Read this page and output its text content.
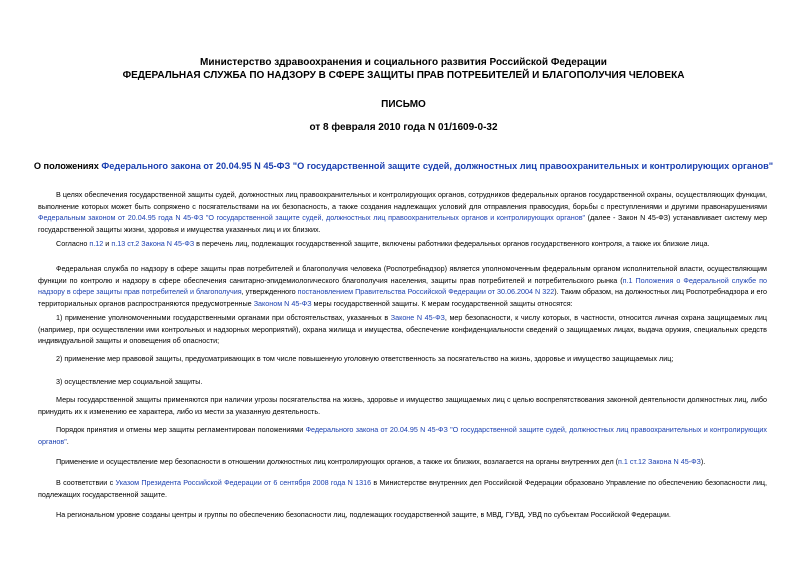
Министерство здравоохранения и социального развития Российской Федерации
ФЕДЕРАЛЬНАЯ СЛУЖБА ПО НАДЗОРУ В СФЕРЕ ЗАЩИТЫ ПРАВ ПОТРЕБИТЕЛЕЙ И БЛАГОПОЛУЧИЯ ЧЕЛОВЕКА
ПИСЬМО
от 8 февраля 2010 года N 01/1609-0-32
О положениях Федерального закона от 20.04.95 N 45-ФЗ "О государственной защите судей, должностных лиц правоохранительных и контролирующих органов"

В целях обеспечения государственной защиты судей, должностных лиц правоохранительных и контролирующих органов, сотрудников федеральных органов государственной охраны, осуществляющих функции, выполнение которых может быть сопряжено с посягательствами на их безопасность, а также создания надлежащих условий для отправления правосудия, борьбы с преступлениями и другими правонарушениями Федеральным законом от 20.04.95 года N 45-ФЗ "О государственной защите судей, должностных лиц правоохранительных органов и контролирующих органов" (далее - Закон N 45-ФЗ) устанавливает систему мер государственной защиты жизни, здоровья и имущества указанных лиц и их близких.

Согласно п.12 и п.13 ст.2 Закона N 45-ФЗ в перечень лиц, подлежащих государственной защите, включены работники федеральных органов государственного контроля, а также их близкие лица.

Федеральная служба по надзору в сфере защиты прав потребителей и благополучия человека (Роспотребнадзор) является уполномоченным федеральным органом исполнительной власти, осуществляющим функции по контролю и надзору в сфере обеспечения санитарно-эпидемиологического благополучия населения, защиты прав потребителей и потребительского рынка (п.1 Положения о Федеральной службе по надзору в сфере защиты прав потребителей и благополучия, утвержденного постановлением Правительства Российской Федерации от 30.06.2004 N 322). Таким образом, на должностных лиц Роспотребнадзора и его территориальных органов распространяются предусмотренные Законом N 45-ФЗ меры государственной защиты. К мерам государственной защиты относятся:

1) применение уполномоченными государственными органами при обстоятельствах, указанных в Законе N 45-ФЗ, мер безопасности, к числу которых, в частности, относится личная охрана защищаемых лиц (например, при осуществлении ими контрольных и надзорных мероприятий), охрана жилища и имущества, обеспечение конфиденциальности сведений о защищаемых лицах, выдача оружия, специальных средств индивидуальной защиты и оповещения об опасности;

2) применение мер правовой защиты, предусматривающих в том числе повышенную уголовную ответственность за посягательство на жизнь, здоровье и имущество защищаемых лиц;

3) осуществление мер социальной защиты.

Меры государственной защиты применяются при наличии угрозы посягательства на жизнь, здоровье и имущество защищаемых лиц с целью воспрепятствования законной деятельности должностных лиц, либо принудить их к изменению ее характера, либо из мести за указанную деятельность.

Порядок принятия и отмены мер защиты регламентирован положениями Федерального закона от 20.04.95 N 45-ФЗ "О государственной защите судей, должностных лиц правоохранительных и контролирующих органов".

Применение и осуществление мер безопасности в отношении должностных лиц контролирующих органов, а также их близких, возлагается на органы внутренних дел (п.1 ст.12 Закона N 45-ФЗ).

В соответствии с Указом Президента Российской Федерации от 6 сентября 2008 года N 1316 в Министерстве внутренних дел Российской Федерации образовано Управление по обеспечению безопасности лиц, подлежащих государственной защите.

На региональном уровне созданы центры и группы по обеспечению безопасности лиц, подлежащих государственной защите, в МВД, ГУВД, УВД по субъектам Российской Федерации.
